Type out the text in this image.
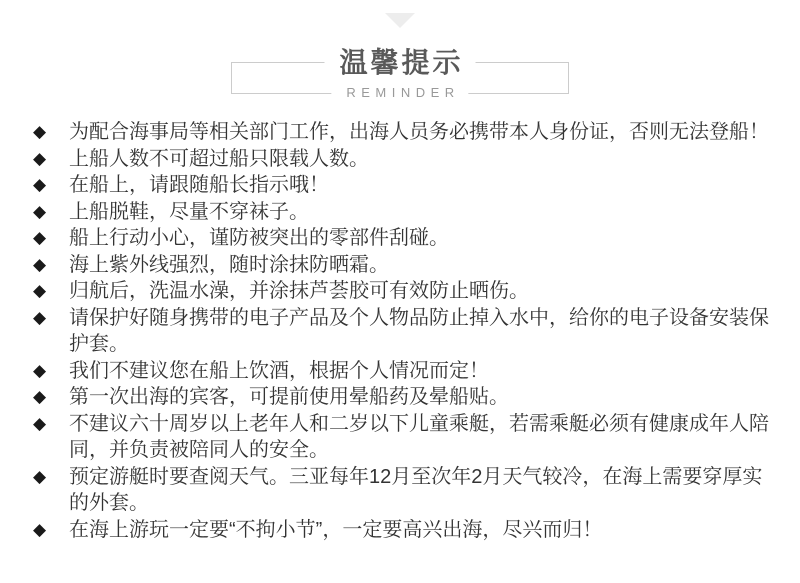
温馨提示
REMINDER
◆	为配合海事局等相关部门工作，出海人员务必携带本人身份证，否则无法登船！
◆	上船人数不可超过船只限载人数。
◆	在船上，请跟随船长指示哦！
◆	上船脱鞋，尽量不穿袜子。
◆	船上行动小心，谨防被突出的零部件刮碰。
◆	海上紫外线强烈，随时涂抹防晒霜。
◆	归航后，洗温水澡，并涂抹芦荟胶可有效防止晒伤。
◆	请保护好随身携带的电子产品及个人物品防止掉入水中，给你的电子设备安装保护套。
◆	我们不建议您在船上饮酒，根据个人情况而定！
◆	第一次出海的宾客，可提前使用晕船药及晕船贴。
◆	不建议六十周岁以上老年人和二岁以下儿童乘艇，若需乘艇必须有健康成年人陪同，并负责被陪同人的安全。
◆	预定游艇时要查阅天气。三亚每年12月至次年2月天气较冷，在海上需要穿厚实的外套。
◆	在海上游玩一定要“不拘小节”，一定要高兴出海，尽兴而归！
